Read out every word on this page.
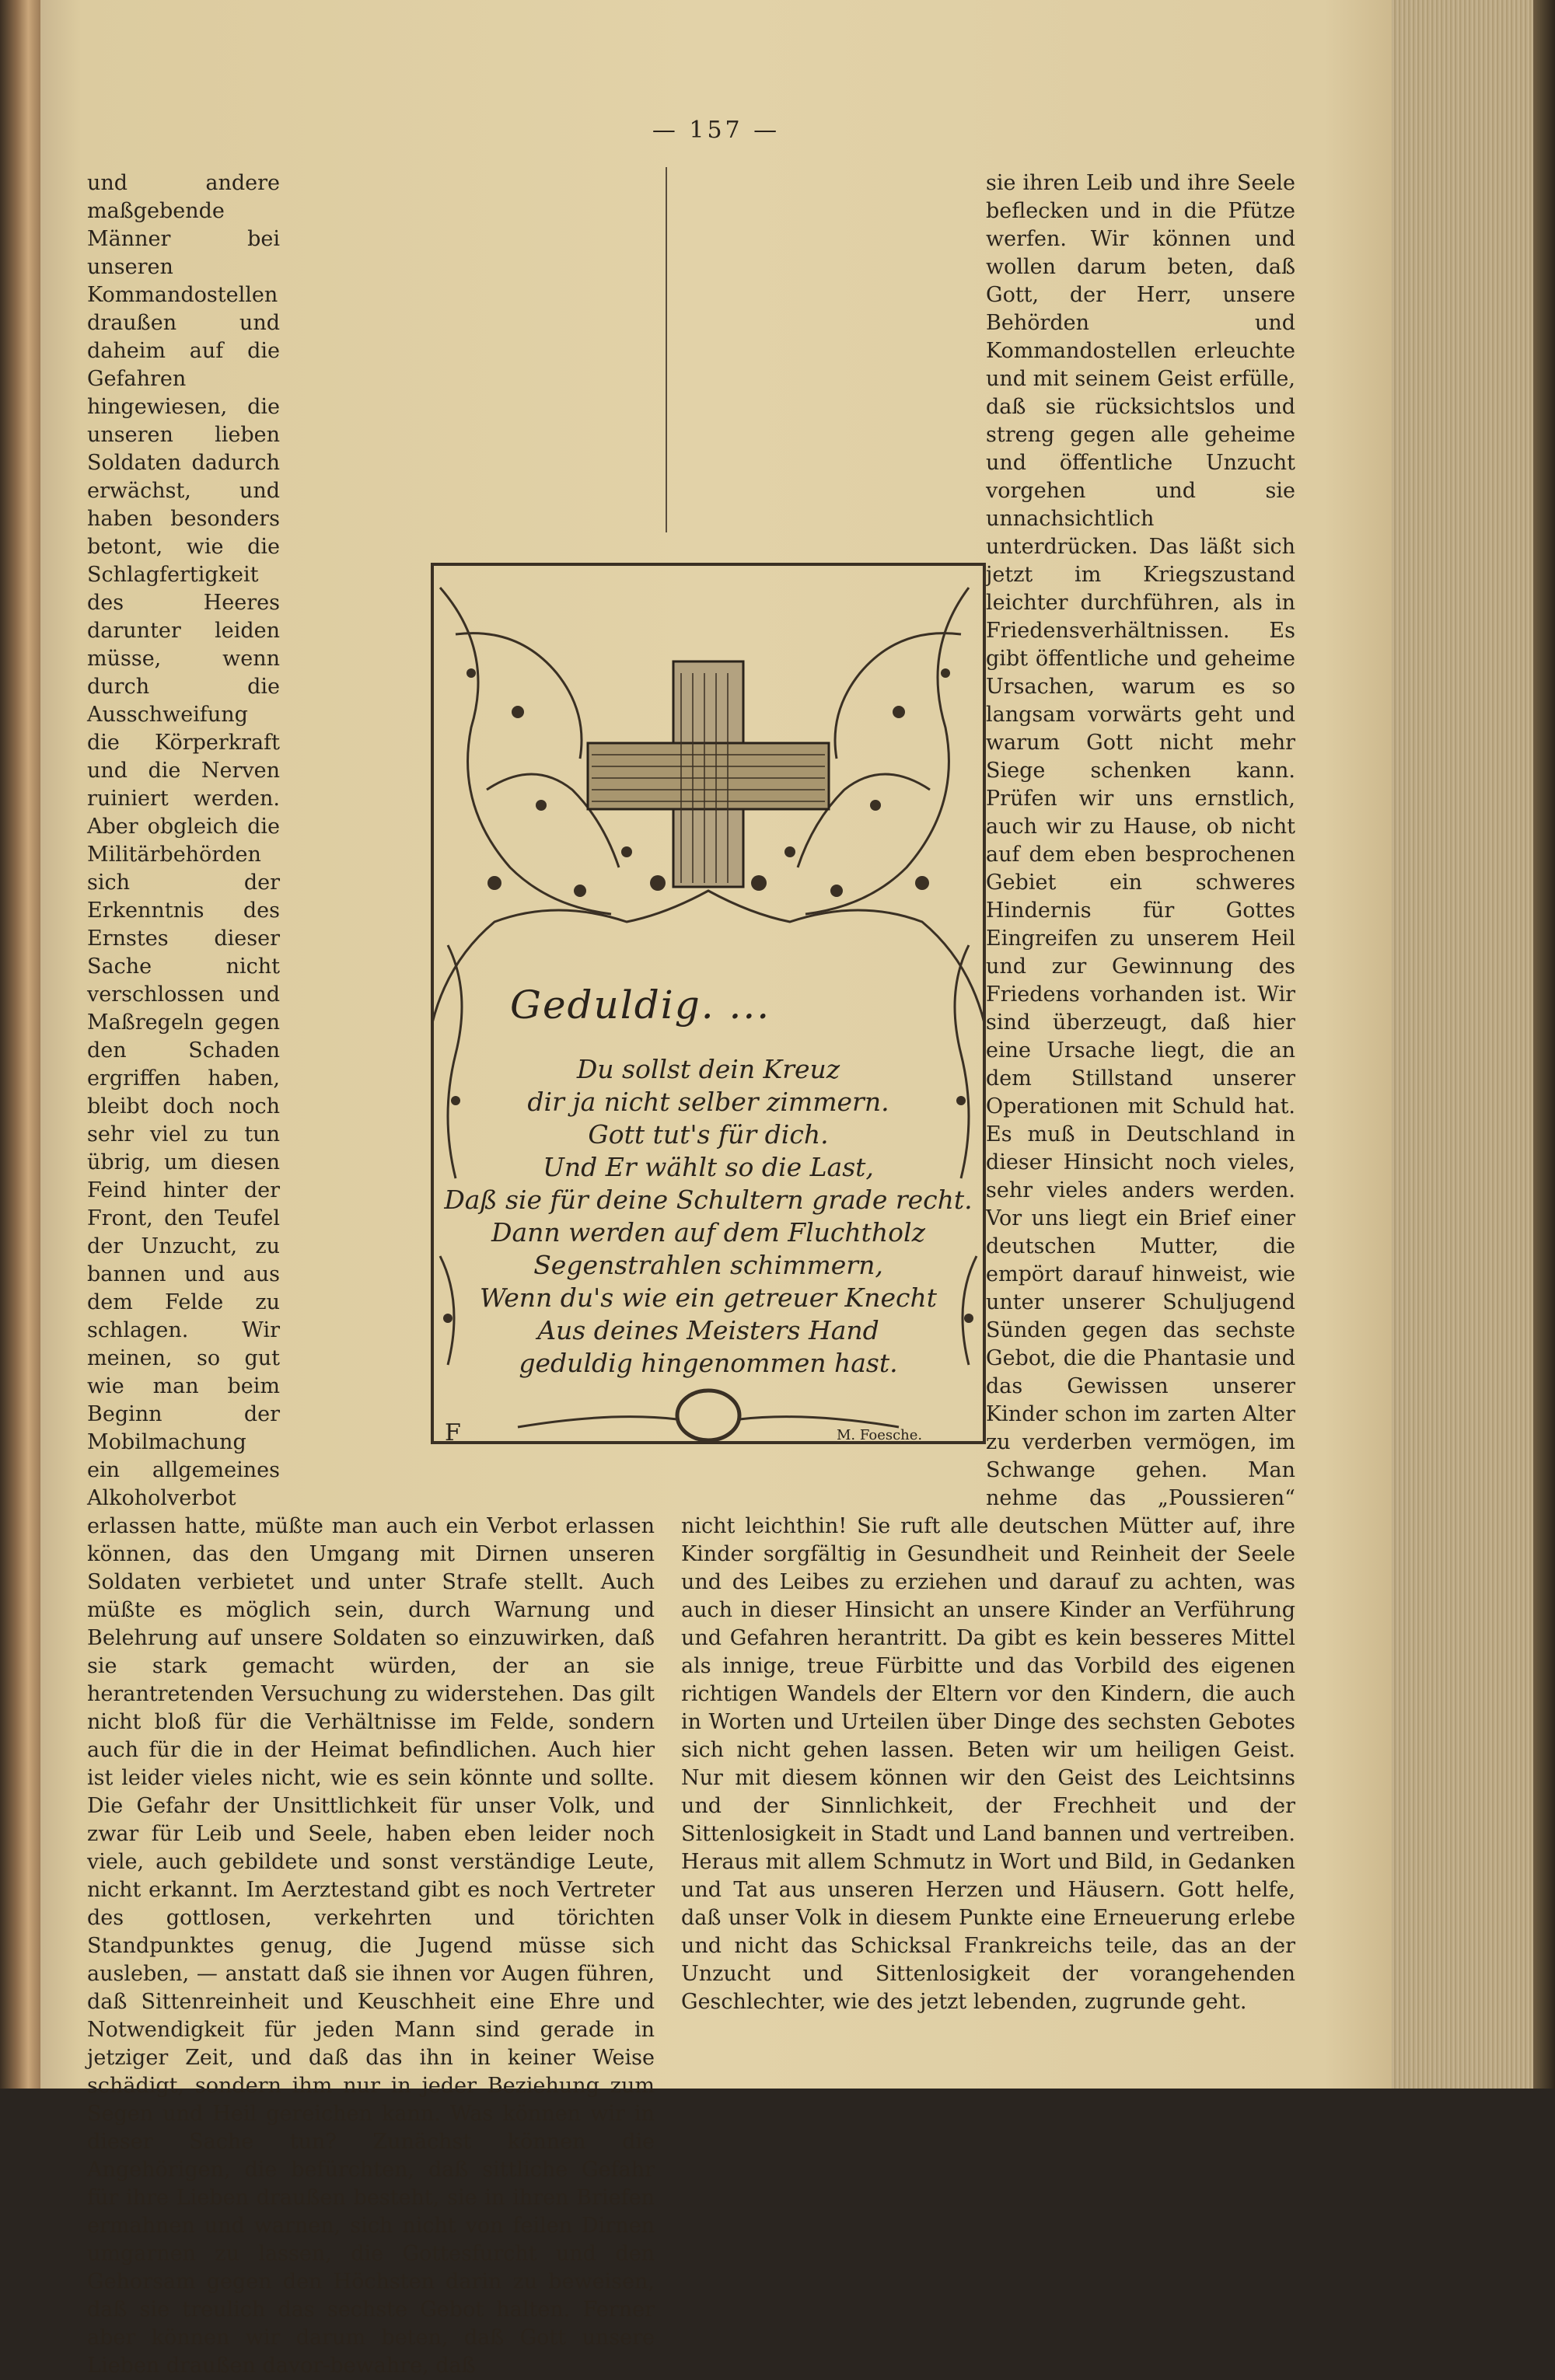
— 157 —

und andere maßgebende Männer bei unseren Kommandostellen draußen und daheim auf die Gefahren hingewiesen, die unseren lieben Soldaten dadurch erwächst, und haben besonders betont, wie die Schlagfertigkeit des Heeres darunter leiden müsse, wenn durch die Ausschweifung die Körperkraft und die Nerven ruiniert werden. Aber obgleich die Militärbehörden sich der Erkenntnis des Ernstes dieser Sache nicht verschlossen und Maßregeln gegen den Schaden ergriffen haben, bleibt doch noch sehr viel zu tun übrig, um diesen Feind hinter der Front, den Teufel der Unzucht, zu bannen und aus dem Felde zu schlagen. Wir meinen, so gut wie man beim Beginn der Mobilmachung ein allgemeines Alkoholverbot erlassen hatte, müßte man auch ein Verbot erlassen können, das den Umgang mit Dirnen unseren Soldaten verbietet und unter Strafe stellt. Auch müßte es möglich sein, durch Warnung und Belehrung auf unsere Soldaten so einzuwirken, daß sie stark gemacht würden, der an sie herantretenden Versuchung zu widerstehen. Das gilt nicht bloß für die Verhältnisse im Felde, sondern auch für die in der Heimat befindlichen. Auch hier ist leider vieles nicht, wie es sein könnte und sollte. Die Gefahr der Unsittlichkeit für unser Volk, und zwar für Leib und Seele, haben eben leider noch viele, auch gebildete und sonst verständige Leute, nicht erkannt. Im Aerztestand gibt es noch Vertreter des gottlosen, verkehrten und törichten Standpunktes genug, die Jugend müsse sich ausleben, — anstatt daß sie ihnen vor Augen führen, daß Sittenreinheit und Keuschheit eine Ehre und Notwendigkeit für jeden Mann sind gerade in jetziger Zeit, und daß das ihn in keiner Weise schädigt, sondern ihm nur in jeder Beziehung zum Segen und Heil gereichen kann. Was können wir in dieser Sache tun? Zunächst können die Angehörigen, die befürchten, daß sittliche Gefahr für ihre Lieben draußen besteht, sie in ihren Briefen ermahnen und warnen, sich nicht von feilen Dirnen umgarnen zu lassen, die Gottesfurcht und den Gehorsam gegen den Höchsten darin zu beweisen, daß sie treulich das sechste Gebot halten. Ferner aber können wir darum beten, daß Gott unsere Lieben draußen davor-bewahre, daß

sie ihren Leib und ihre Seele beflecken und in die Pfütze werfen. Wir können und wollen darum beten, daß Gott, der Herr, unsere Behörden und Kommandostellen erleuchte und mit seinem Geist erfülle, daß sie rücksichtslos und streng gegen alle geheime und öffentliche Unzucht vorgehen und sie unnachsichtlich unterdrücken. Das läßt sich jetzt im Kriegszustand leichter durchführen, als in Friedensverhältnissen. Es gibt öffentliche und geheime Ursachen, warum es so langsam vorwärts geht und warum Gott nicht mehr Siege schenken kann. Prüfen wir uns ernstlich, auch wir zu Hause, ob nicht auf dem eben besprochenen Gebiet ein schweres Hindernis für Gottes Eingreifen zu unserem Heil und zur Gewinnung des Friedens vorhanden ist. Wir sind überzeugt, daß hier eine Ursache liegt, die an dem Stillstand unserer Operationen mit Schuld hat. Es muß in Deutschland in dieser Hinsicht noch vieles, sehr vieles anders werden. Vor uns liegt ein Brief einer deutschen Mutter, die empört darauf hinweist, wie unter unserer Schuljugend Sünden gegen das sechste Gebot, die die Phantasie und das Gewissen unserer Kinder schon im zarten Alter zu verderben vermögen, im Schwange gehen. Man nehme das „Poussieren“ nicht leichthin! Sie ruft alle deutschen Mütter auf, ihre Kinder sorgfältig in Gesundheit und Reinheit der Seele und des Leibes zu erziehen und darauf zu achten, was auch in dieser Hinsicht an unsere Kinder an Verführung und Gefahren herantritt. Da gibt es kein besseres Mittel als innige, treue Fürbitte und das Vorbild des eigenen richtigen Wandels der Eltern vor den Kindern, die auch in Worten und Urteilen über Dinge des sechsten Gebotes sich nicht gehen lassen. Beten wir um heiligen Geist. Nur mit diesem können wir den Geist des Leichtsinns und der Sinnlichkeit, der Frechheit und der Sittenlosigkeit in Stadt und Land bannen und vertreiben. Heraus mit allem Schmutz in Wort und Bild, in Gedanken und Tat aus unseren Herzen und Häusern. Gott helfe, daß unser Volk in diesem Punkte eine Erneuerung erlebe und nicht das Schicksal Frankreichs teile, das an der Unzucht und Sittenlosigkeit der vorangehenden Geschlechter, wie des jetzt lebenden, zugrunde geht.

Geduldig. ...
Du sollst dein Kreuz
dir ja nicht selber zimmern.
Gott tut's für dich.
Und Er wählt so die Last,
Daß sie für deine Schultern grade recht.
Dann werden auf dem Fluchtholz
Segenstrahlen schimmern,
Wenn du's wie ein getreuer Knecht
Aus deines Meisters Hand
geduldig hingenommen hast.
F	M. Foesche.
